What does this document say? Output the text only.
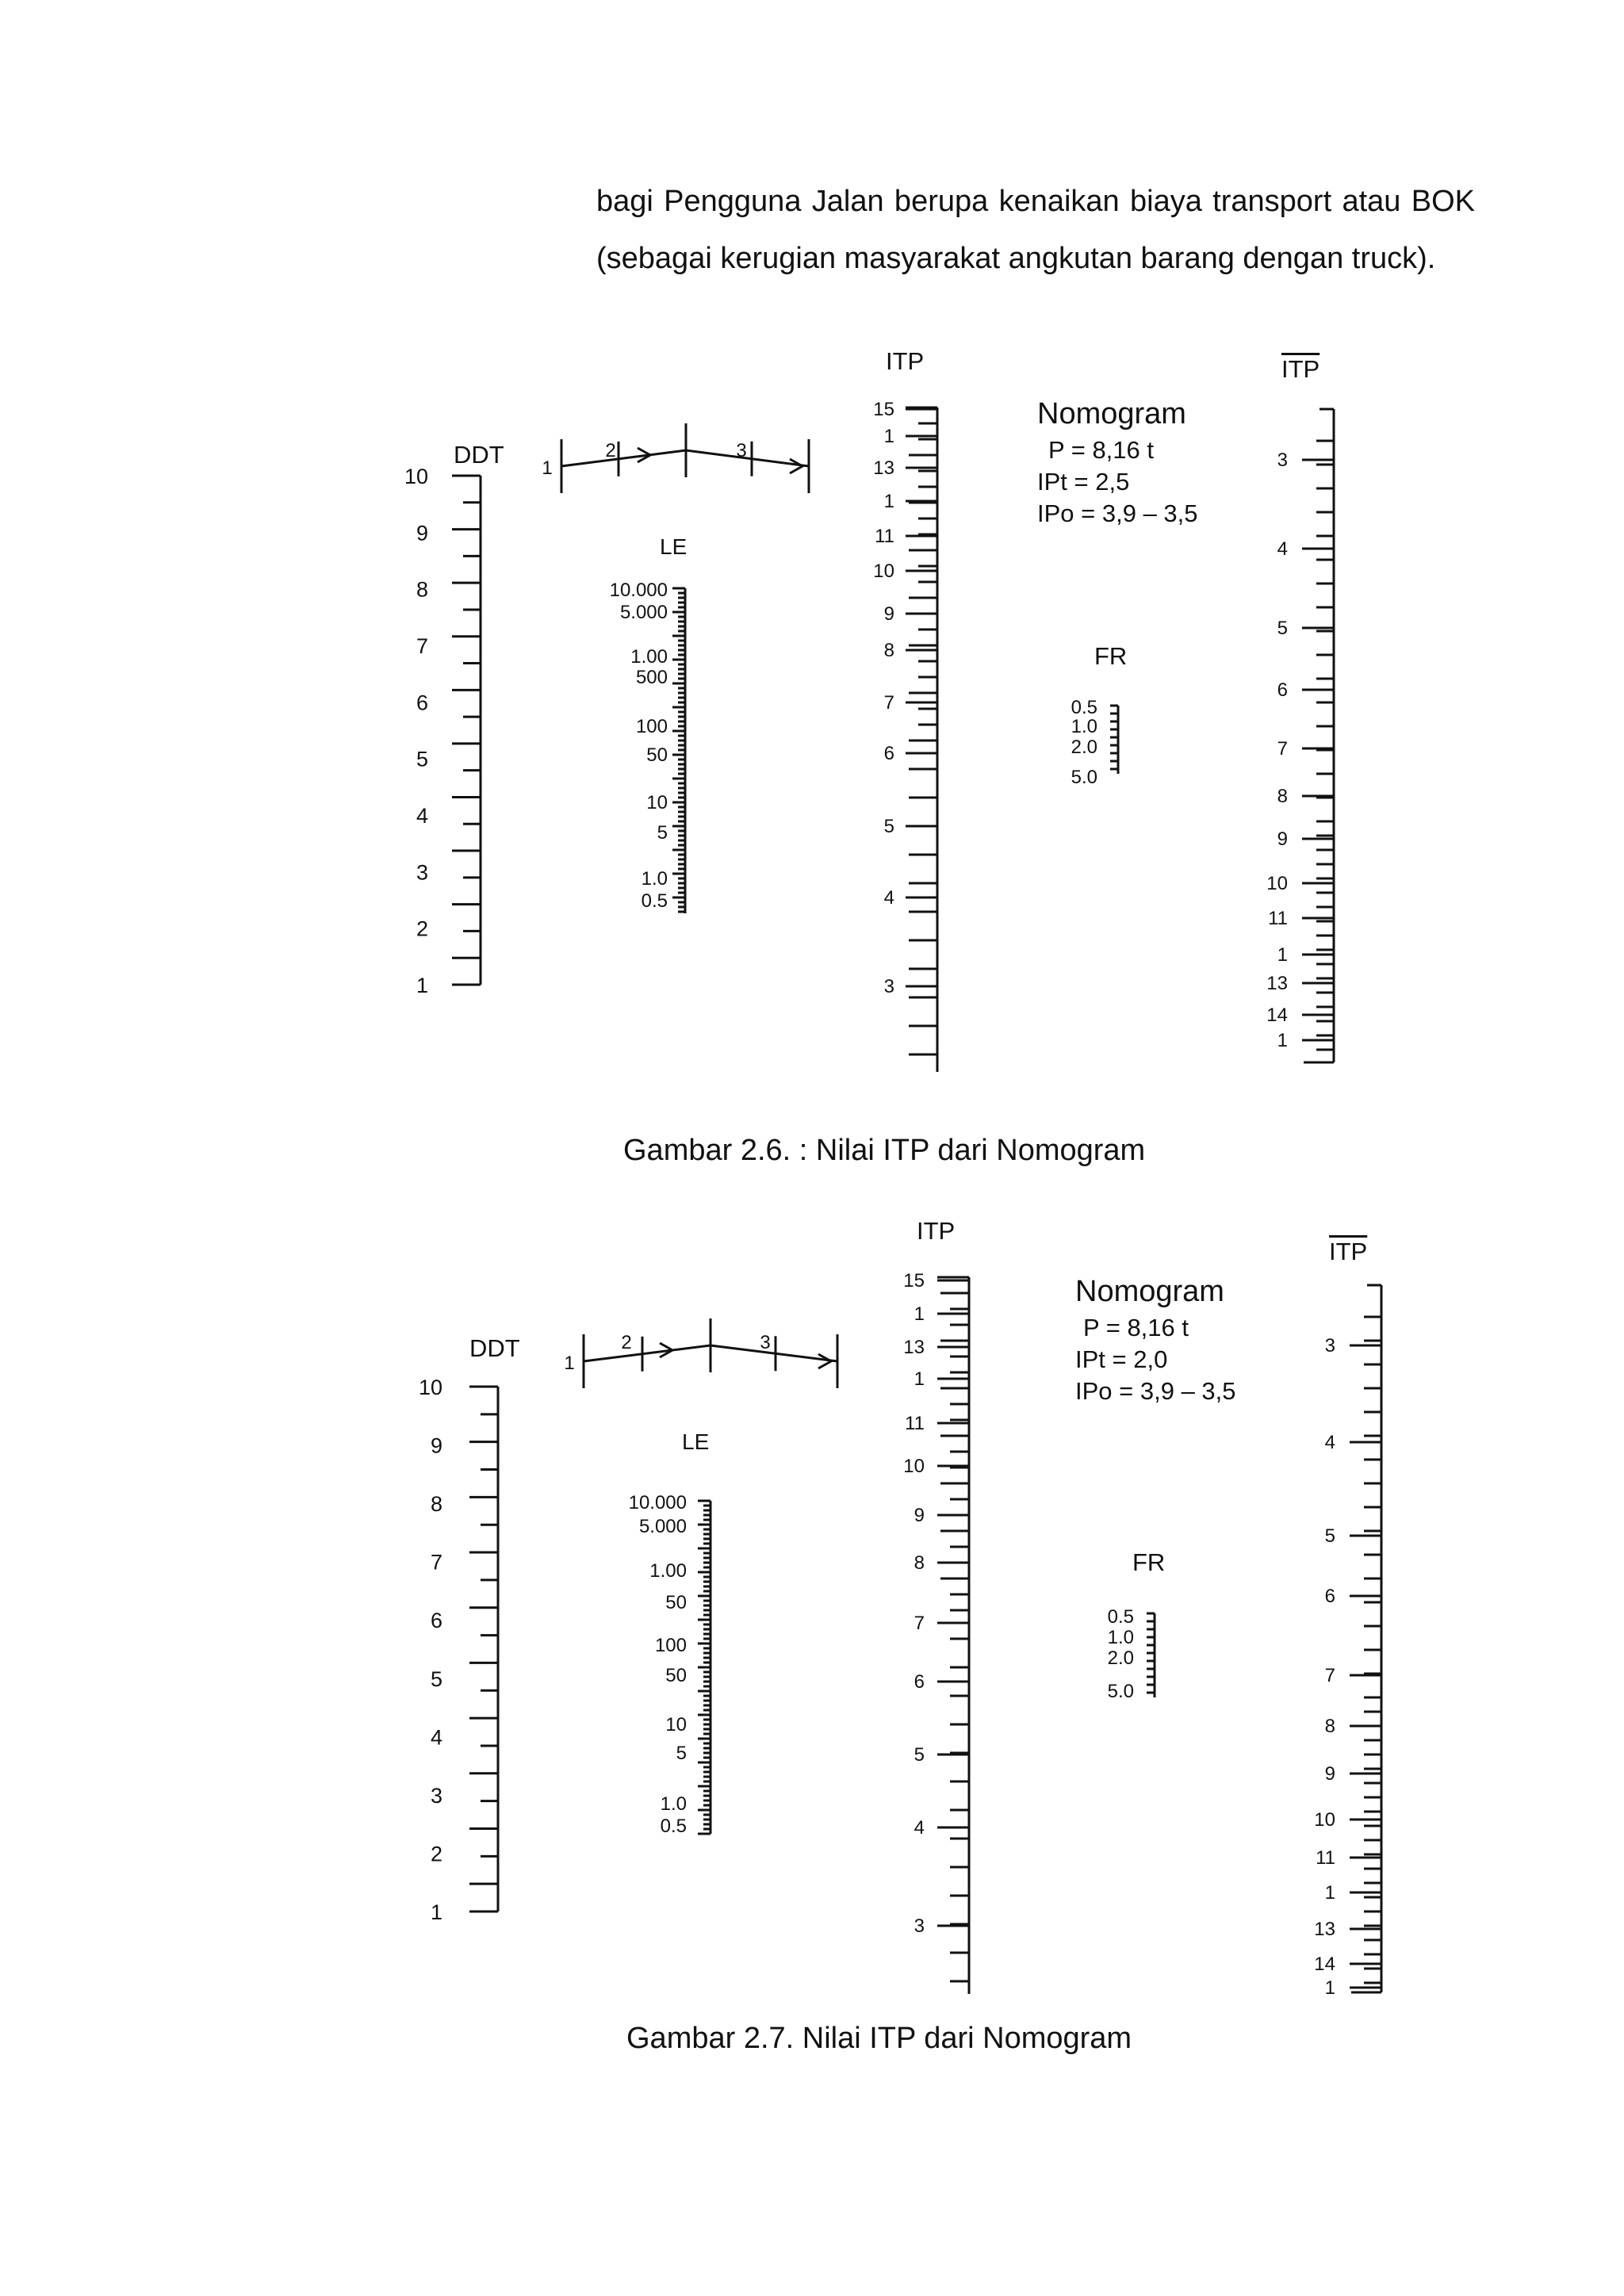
bagi Pengguna Jalan berupa kenaikan biaya transport atau BOK
(sebagai kerugian masyarakat angkutan barang dengan truck).
10
9
8
7
6
5
4
3
2
1
10.000
5.000
1.00
500
100
50
10
5
1.0
0.5
15
1
13
1
11
10
9
8
7
6
5
4
3
0.5
1.0
2.0
5.0
3
4
5
6
7
8
9
10
11
1
13
14
1
1
2	3
ITP	$\overline{ITP}$
DDT
LE
FR
Nomogram
P = 8,16 t
IPt = 2,5
IPo = 3,9 – 3,5
Gambar 2.6. : Nilai ITP dari Nomogram
10
9
8
7
6
5
4
3
2
1
10.000
5.000
1.00
50
100
50
10
5
1.0
0.5
15
1
13
1
11
10
9
8
7
6
5
4
3
0.5
1.0
2.0
5.0
3
4
5
6
7
8
9
10
11
1
13
14
1
1
2	3
ITP
$\overline{ITP}$
DDT
LE
FR
Nomogram
P = 8,16 t
IPt = 2,0
IPo = 3,9 – 3,5
Gambar 2.7. Nilai ITP dari Nomogram
